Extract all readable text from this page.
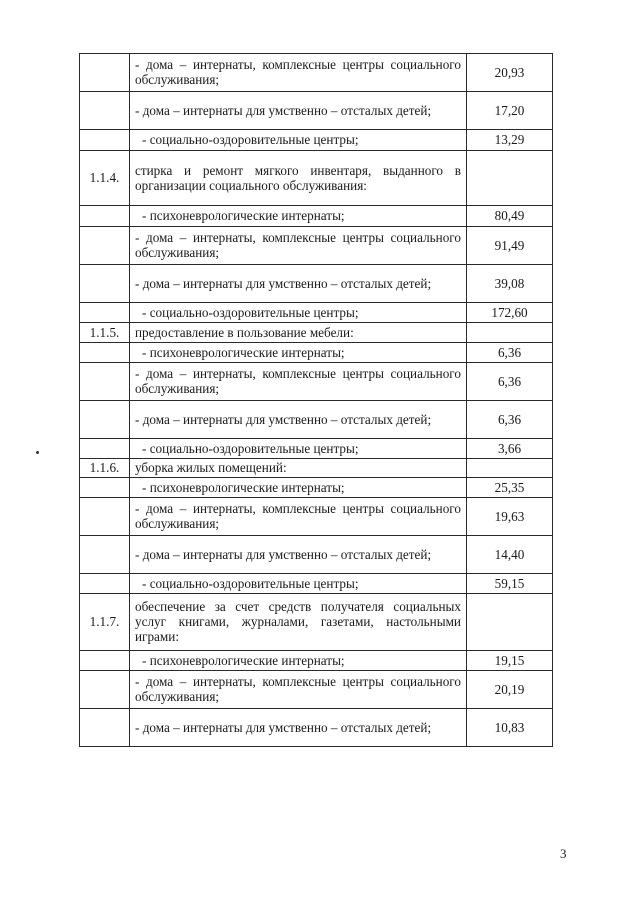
	- дома – интернаты, комплексные центры социального обслуживания;	20,93
	- дома – интернаты для умственно – отсталых детей;	17,20
	- социально-оздоровительные центры;	13,29
1.1.4.	стирка и ремонт мягкого инвентаря, выданного в организации социального обслуживания:	
	- психоневрологические интернаты;	80,49
	- дома – интернаты, комплексные центры социального обслуживания;	91,49
	- дома – интернаты для умственно – отсталых детей;	39,08
	- социально-оздоровительные центры;	172,60
1.1.5.	предоставление в пользование мебели:	
	- психоневрологические интернаты;	6,36
	- дома – интернаты, комплексные центры социального обслуживания;	6,36
	- дома – интернаты для умственно – отсталых детей;	6,36
	- социально-оздоровительные центры;	3,66
1.1.6.	уборка жилых помещений:	
	- психоневрологические интернаты;	25,35
	- дома – интернаты, комплексные центры социального обслуживания;	19,63
	- дома – интернаты для умственно – отсталых детей;	14,40
	- социально-оздоровительные центры;	59,15
1.1.7.	обеспечение за счет средств получателя социальных услуг книгами, журналами, газетами, настольными играми:	
	- психоневрологические интернаты;	19,15
	- дома – интернаты, комплексные центры социального обслуживания;	20,19
	- дома – интернаты для умственно – отсталых детей;	10,83
3
